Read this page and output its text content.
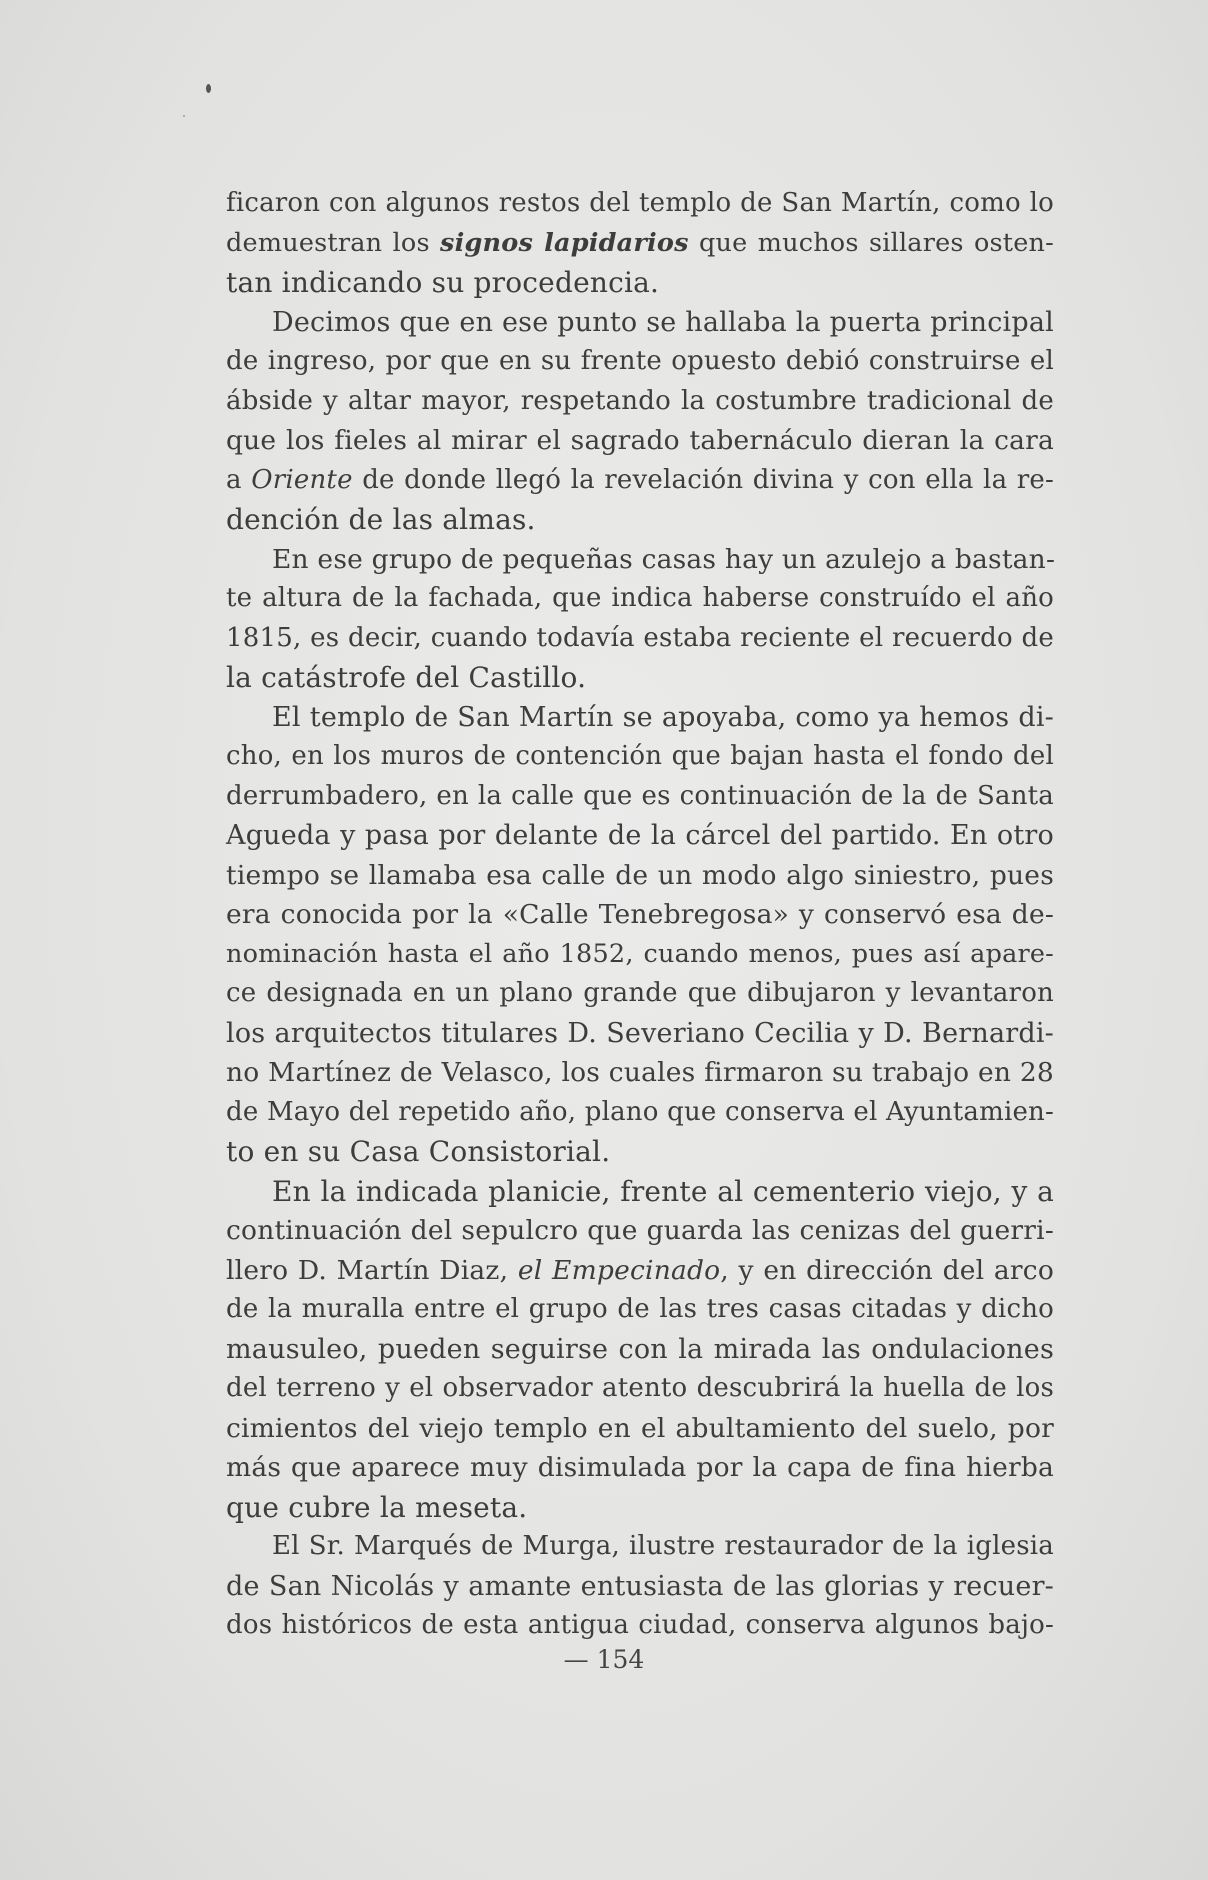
ficaron con algunos restos del templo de San Martín, como lo
demuestran los signos lapidarios que muchos sillares osten-
tan indicando su procedencia.
Decimos que en ese punto se hallaba la puerta principal
de ingreso, por que en su frente opuesto debió construirse el
ábside y altar mayor, respetando la costumbre tradicional de
que los fieles al mirar el sagrado tabernáculo dieran la cara
a Oriente de donde llegó la revelación divina y con ella la re-
dención de las almas.
En ese grupo de pequeñas casas hay un azulejo a bastan-
te altura de la fachada, que indica haberse construído el año
1815, es decir, cuando todavía estaba reciente el recuerdo de
la catástrofe del Castillo.
El templo de San Martín se apoyaba, como ya hemos di-
cho, en los muros de contención que bajan hasta el fondo del
derrumbadero, en la calle que es continuación de la de Santa
Agueda y pasa por delante de la cárcel del partido. En otro
tiempo se llamaba esa calle de un modo algo siniestro, pues
era conocida por la «Calle Tenebregosa» y conservó esa de-
nominación hasta el año 1852, cuando menos, pues así apare-
ce designada en un plano grande que dibujaron y levantaron
los arquitectos titulares D. Severiano Cecilia y D. Bernardi-
no Martínez de Velasco, los cuales firmaron su trabajo en 28
de Mayo del repetido año, plano que conserva el Ayuntamien-
to en su Casa Consistorial.
En la indicada planicie, frente al cementerio viejo, y a
continuación del sepulcro que guarda las cenizas del guerri-
llero D. Martín Diaz, el Empecinado, y en dirección del arco
de la muralla entre el grupo de las tres casas citadas y dicho
mausuleo, pueden seguirse con la mirada las ondulaciones
del terreno y el observador atento descubrirá la huella de los
cimientos del viejo templo en el abultamiento del suelo, por
más que aparece muy disimulada por la capa de fina hierba
que cubre la meseta.
El Sr. Marqués de Murga, ilustre restaurador de la iglesia
de San Nicolás y amante entusiasta de las glorias y recuer-
dos históricos de esta antigua ciudad, conserva algunos bajo-
— 154
